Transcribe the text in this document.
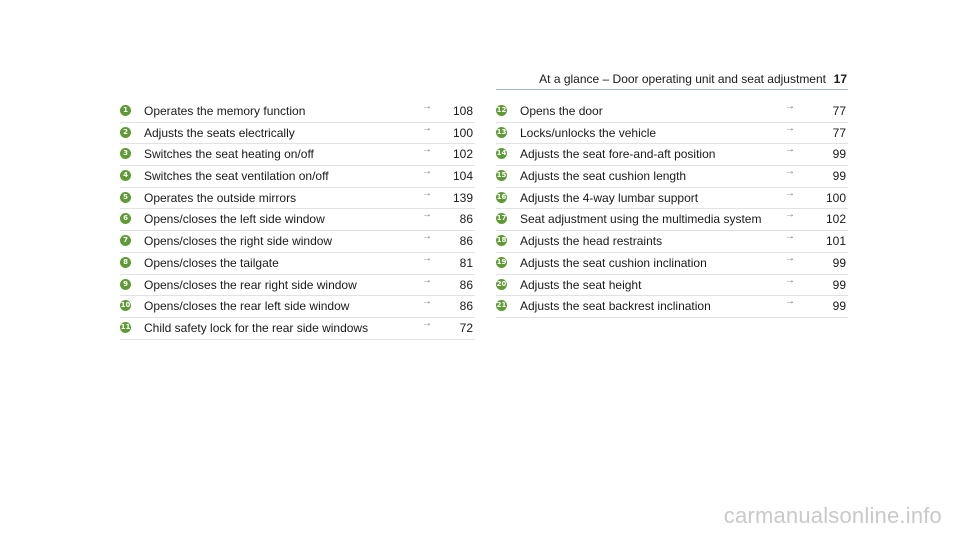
At a glance – Door operating unit and seat adjustment 17
1 Operates the memory function	→ 108
2 Adjusts the seats electrically	→ 100
3 Switches the seat heating on/off	→ 102
4 Switches the seat ventilation on/off	→ 104
5 Operates the outside mirrors	→ 139
6 Opens/closes the left side window	→ 86
7 Opens/closes the right side window	→ 86
8 Opens/closes the tailgate	→ 81
9 Opens/closes the rear right side window	→ 86
10 Opens/closes the rear left side window	→ 86
11 Child safety lock for the rear side windows	→ 72
12 Opens the door	→	77
13 Locks/unlocks the vehicle	→	77
14 Adjusts the seat fore-and-aft position	→	99
15 Adjusts the seat cushion length	→	99
16 Adjusts the 4-way lumbar support	→	100
17 Seat adjustment using the multimedia system →	102
18 Adjusts the head restraints	→	101
19 Adjusts the seat cushion inclination	→	99
20 Adjusts the seat height	→	99
21 Adjusts the seat backrest inclination	→	99
carmanualsonline.info
